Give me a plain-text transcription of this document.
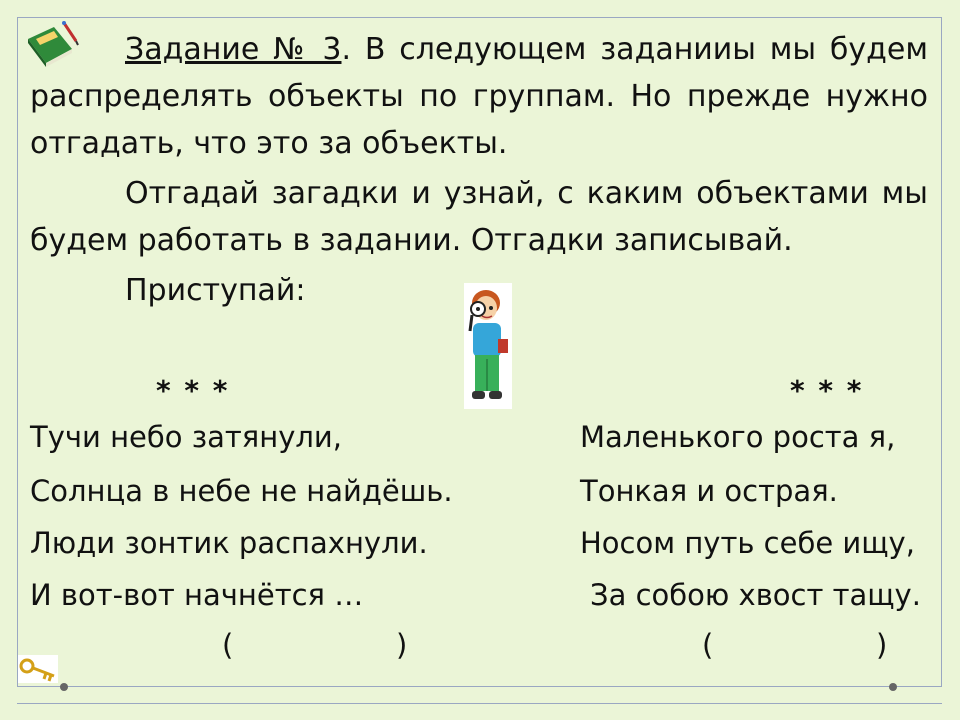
Задание № 3. В следующем заданииы мы будем распределять объекты по группам. Но прежде нужно отгадать, что это за объекты.

Отгадай загадки и узнай, с каким объектами мы будем работать в задании. Отгадки записывай.

Приступай:

* * *
Тучи небо затянули,
Солнца в небе не найдёшь.
Люди зонтик распахнули.
И вот-вот начнётся …
(	)
* * *
Маленького роста я,
Тонкая и острая.
Носом путь себе ищу,
За собою хвост тащу.
(	)
